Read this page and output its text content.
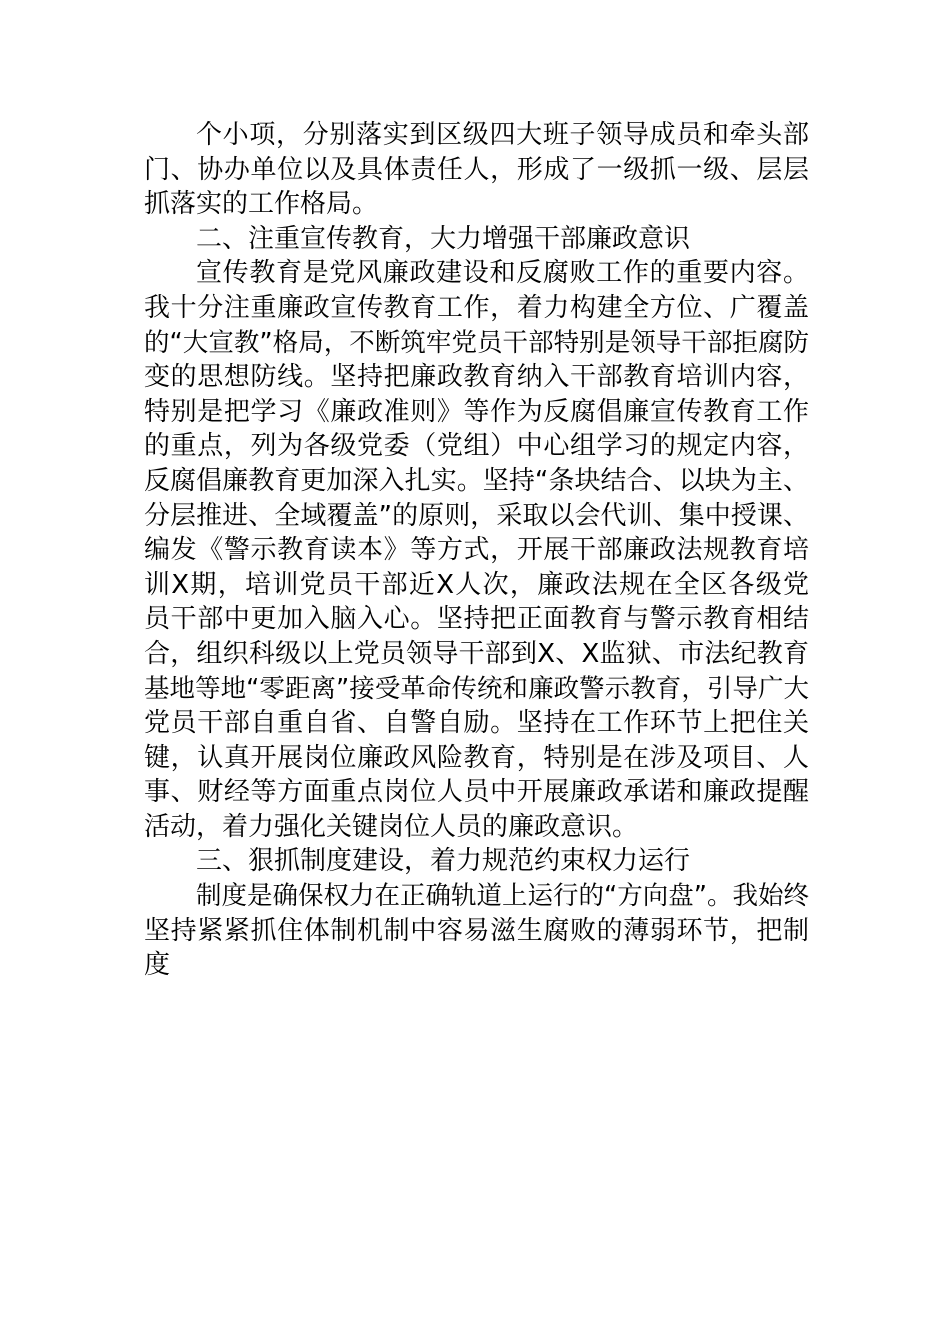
个小项，分别落实到区级四大班子领导成员和牵头部
门、协办单位以及具体责任人，形成了一级抓一级、层层
抓落实的工作格局。
二、注重宣传教育，大力增强干部廉政意识
宣传教育是党风廉政建设和反腐败工作的重要内容。
我十分注重廉政宣传教育工作，着力构建全方位、广覆盖
的“大宣教”格局，不断筑牢党员干部特别是领导干部拒腐防
变的思想防线。坚持把廉政教育纳入干部教育培训内容，
特别是把学习《廉政准则》等作为反腐倡廉宣传教育工作
的重点，列为各级党委（党组）中心组学习的规定内容，
反腐倡廉教育更加深入扎实。坚持“条块结合、以块为主、
分层推进、全域覆盖”的原则，采取以会代训、集中授课、
编发《警示教育读本》等方式，开展干部廉政法规教育培
训X期，培训党员干部近X人次，廉政法规在全区各级党
员干部中更加入脑入心。坚持把正面教育与警示教育相结
合，组织科级以上党员领导干部到X、X监狱、市法纪教育
基地等地“零距离”接受革命传统和廉政警示教育，引导广大
党员干部自重自省、自警自励。坚持在工作环节上把住关
键，认真开展岗位廉政风险教育，特别是在涉及项目、人
事、财经等方面重点岗位人员中开展廉政承诺和廉政提醒
活动，着力强化关键岗位人员的廉政意识。
三、狠抓制度建设，着力规范约束权力运行
制度是确保权力在正确轨道上运行的“方向盘”。我始终
坚持紧紧抓住体制机制中容易滋生腐败的薄弱环节，把制
度
